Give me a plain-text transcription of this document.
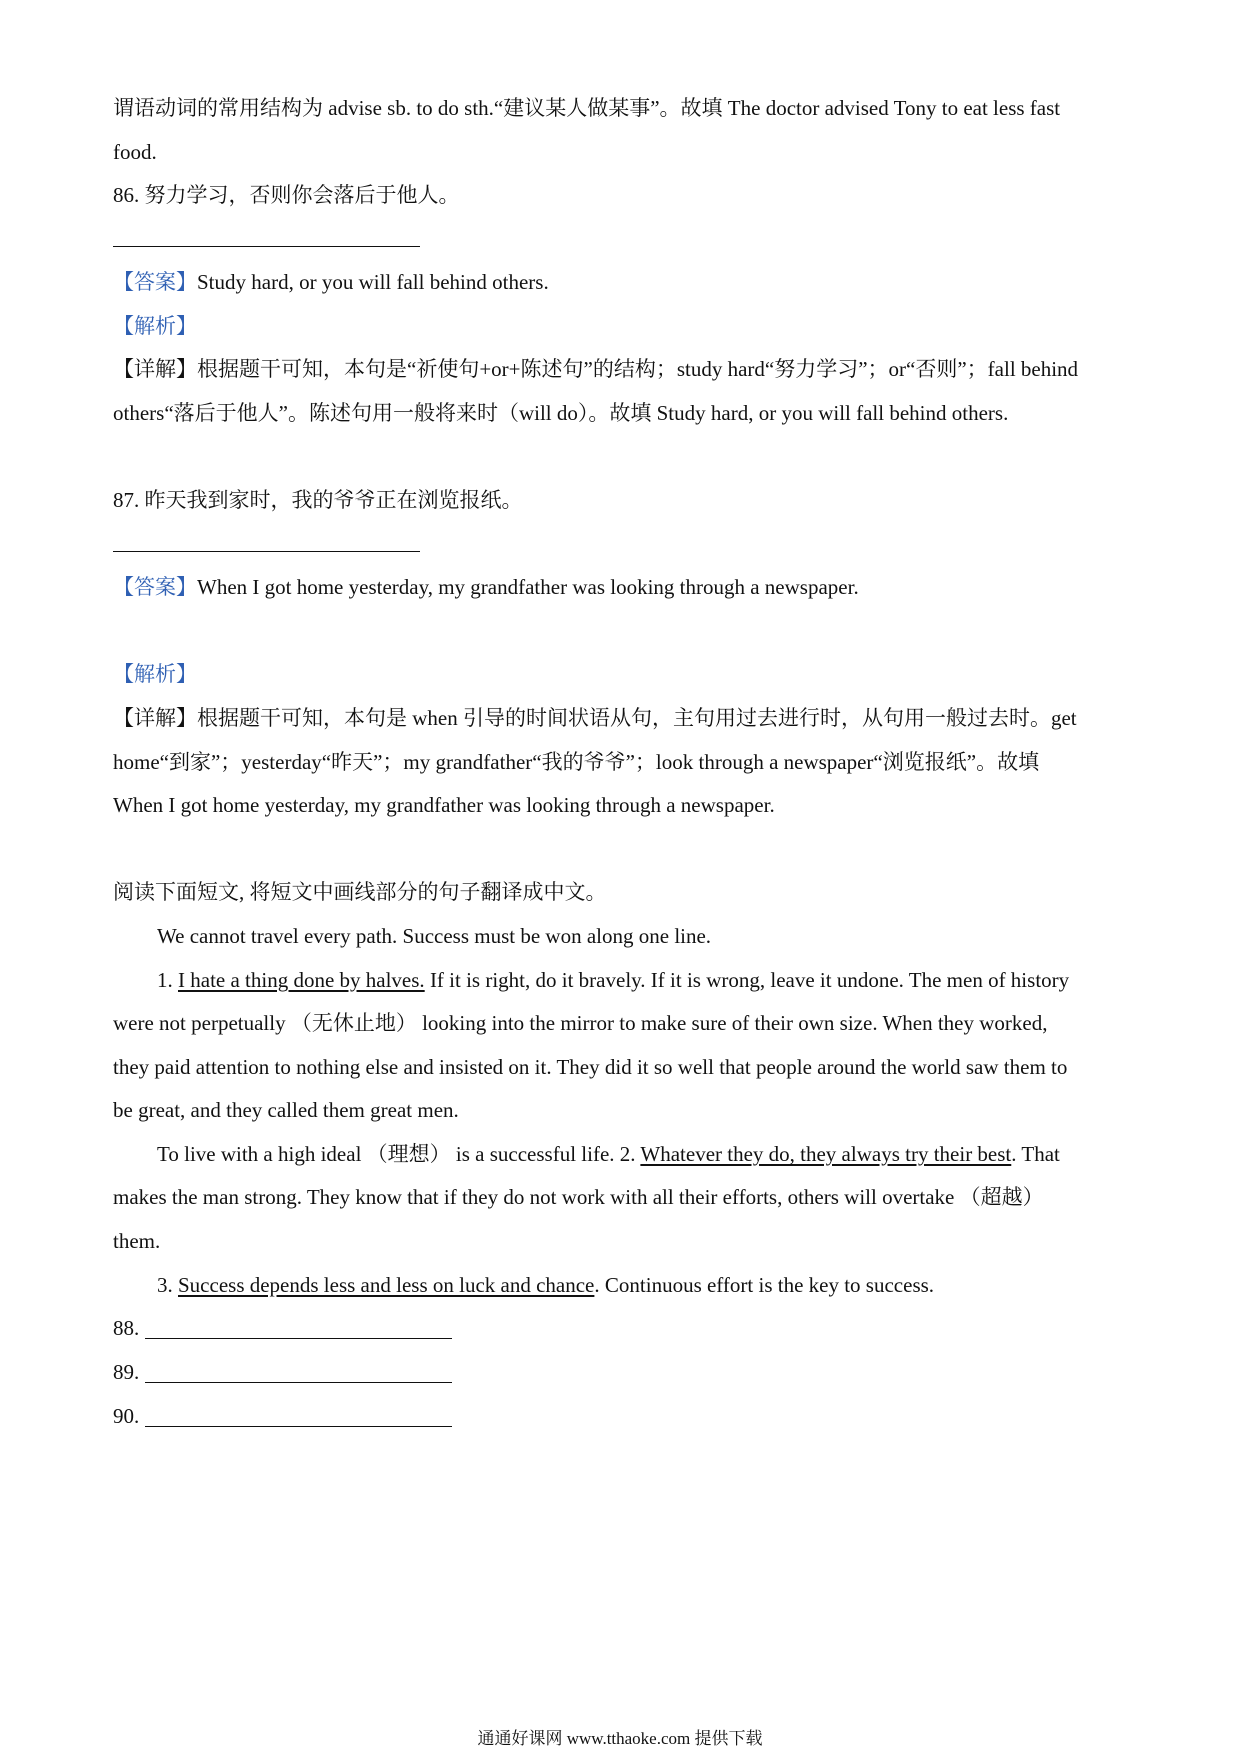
谓语动词的常用结构为 advise sb. to do sth.“建议某人做某事”。故填 The doctor advised Tony to eat less fast
food.
86. 努力学习，否则你会落后于他人。
【答案】Study hard, or you will fall behind others.
【解析】
【详解】根据题干可知，本句是“祈使句+or+陈述句”的结构；study hard“努力学习”；or“否则”；fall behind
others“落后于他人”。陈述句用一般将来时（will do）。故填 Study hard, or you will fall behind others.
87. 昨天我到家时，我的爷爷正在浏览报纸。
【答案】When I got home yesterday, my grandfather was looking through a newspaper.
【解析】
【详解】根据题干可知，本句是 when 引导的时间状语从句，主句用过去进行时，从句用一般过去时。get
home“到家”；yesterday“昨天”；my grandfather“我的爷爷”；look through a newspaper“浏览报纸”。故填
When I got home yesterday, my grandfather was looking through a newspaper.
阅读下面短文, 将短文中画线部分的句子翻译成中文。
We cannot travel every path. Success must be won along one line.
1. I hate a thing done by halves. If it is right, do it bravely. If it is wrong, leave it undone. The men of history
were not perpetually （无休止地） looking into the mirror to make sure of their own size. When they worked,
they paid attention to nothing else and insisted on it. They did it so well that people around the world saw them to
be great, and they called them great men.
To live with a high ideal （理想） is a successful life. 2. Whatever they do, they always try their best. That
makes the man strong. They know that if they do not work with all their efforts, others will overtake （超越）
them.
3. Success depends less and less on luck and chance. Continuous effort is the key to success.
88.
89.
90.
通通好课网 www.tthaoke.com 提供下载
